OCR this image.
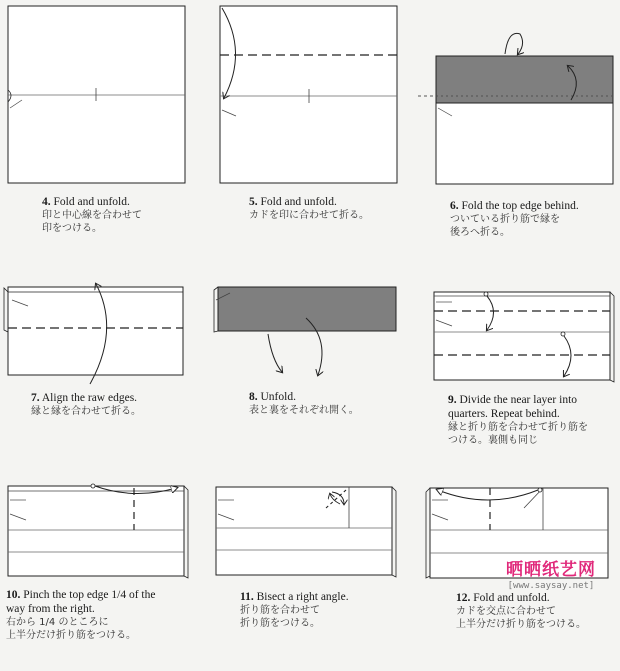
4. Fold and unfold.
印と中心線を合わせて
印をつける。
5. Fold and unfold.
カドを印に合わせて折る。
6. Fold the top edge behind.
ついている折り筋で縁を
後ろへ折る。
7. Align the raw edges.
縁と縁を合わせて折る。
8. Unfold.
表と裏をそれぞれ開く。
9. Divide the near layer into
quarters. Repeat behind.
縁と折り筋を合わせて折り筋を
つける。裏側も同じ
10. Pinch the top edge 1/4 of the
way from the right.
右から 1/4 のところに
上半分だけ折り筋をつける。
11. Bisect a right angle.
折り筋を合わせて
折り筋をつける。
12. Fold and unfold.
カドを交点に合わせて
上半分だけ折り筋をつける。
晒晒纸艺网
[www.saysay.net]
